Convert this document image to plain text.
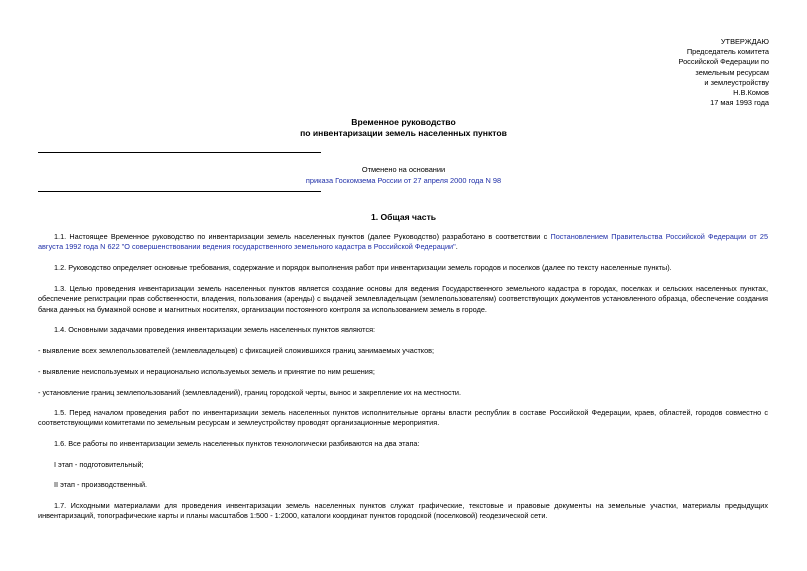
УТВЕРЖДАЮ
Председатель комитета
Российской Федерации по
земельным ресурсам
и землеустройству
Н.В.Комов
17 мая 1993 года
Временное руководство
по инвентаризации земель населенных пунктов
Отменено на основании
приказа Госкомзема России от 27 апреля 2000 года N 98
1. Общая часть
1.1. Настоящее Временное руководство по инвентаризации земель населенных пунктов (далее Руководство) разработано в соответствии с Постановлением Правительства Российской Федерации от 25 августа 1992 года N 622 "О совершенствовании ведения государственного земельного кадастра в Российской Федерации".
1.2. Руководство определяет основные требования, содержание и порядок выполнения работ при инвентаризации земель городов и поселков (далее по тексту населенные пункты).
1.3. Целью проведения инвентаризации земель населенных пунктов является создание основы для ведения Государственного земельного кадастра в городах, поселках и сельских населенных пунктах, обеспечение регистрации прав собственности, владения, пользования (аренды) с выдачей землевладельцам (землепользователям) соответствующих документов установленного образца, обеспечение создания банка данных на бумажной основе и магнитных носителях, организации постоянного контроля за использованием земель в городе.
1.4. Основными задачами проведения инвентаризации земель населенных пунктов являются:
- выявление всех землепользователей (землевладельцев) с фиксацией сложившихся границ занимаемых участков;
- выявление неиспользуемых и нерационально используемых земель и принятие по ним решения;
- установление границ землепользований (землевладений), границ городской черты, вынос и закрепление их на местности.
1.5. Перед началом проведения работ по инвентаризации земель населенных пунктов исполнительные органы власти республик в составе Российской Федерации, краев, областей, городов совместно с соответствующими комитетами по земельным ресурсам и землеустройству проводят организационные мероприятия.
1.6. Все работы по инвентаризации земель населенных пунктов технологически разбиваются на два этапа:
I этап - подготовительный;
II этап - производственный.
1.7. Исходными материалами для проведения инвентаризации земель населенных пунктов служат графические, текстовые и правовые документы на земельные участки, материалы предыдущих инвентаризаций, топографические карты и планы масштабов 1:500 - 1:2000, каталоги координат пунктов городской (поселковой) геодезической сети.
